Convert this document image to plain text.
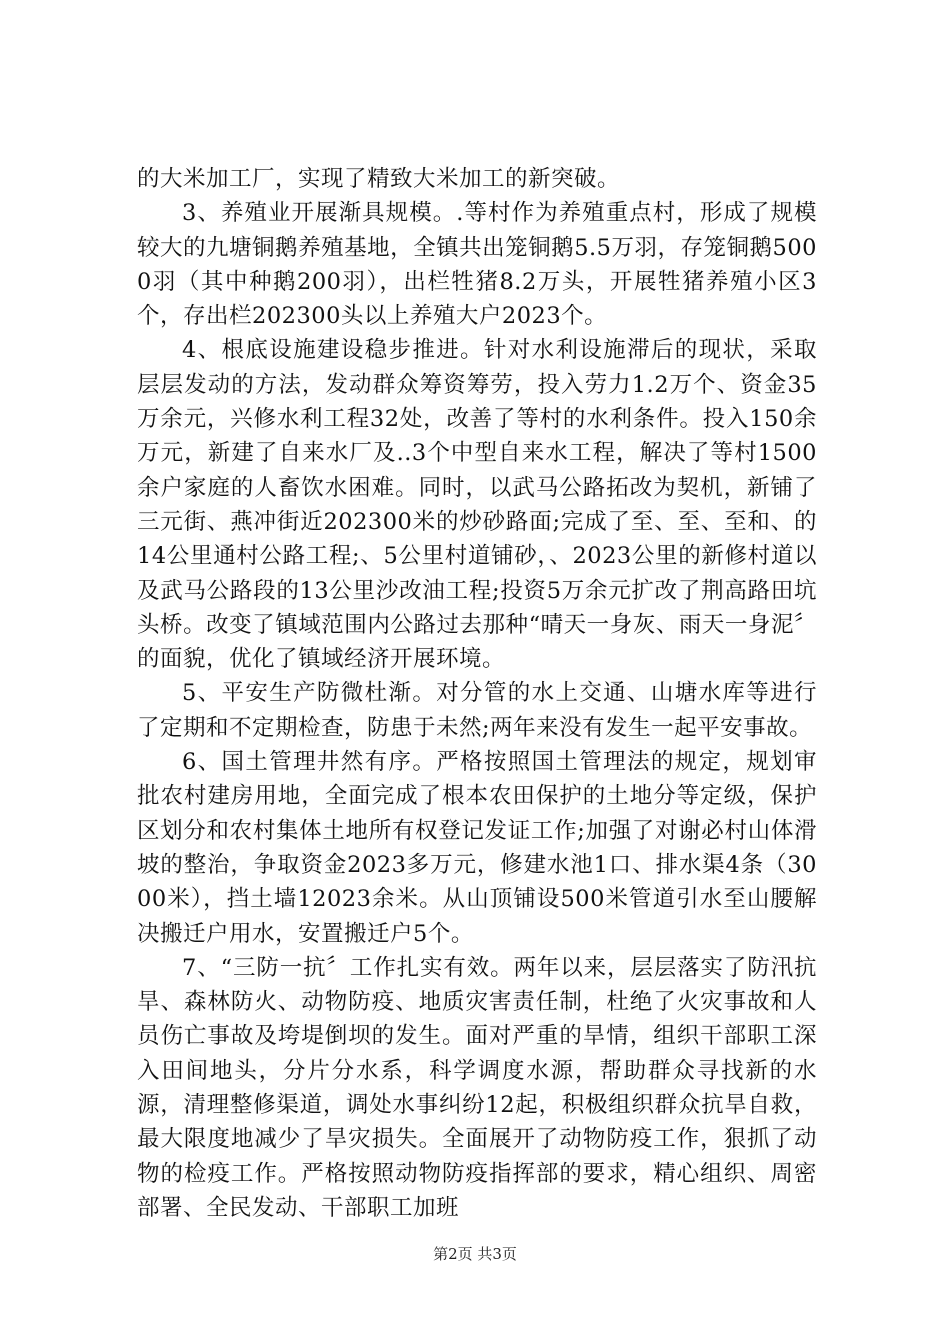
的大米加工厂，实现了精致大米加工的新突破。

3、养殖业开展渐具规模。.等村作为养殖重点村，形成了规模较大的九塘铜鹅养殖基地，全镇共出笼铜鹅5.5万羽，存笼铜鹅5000羽（其中种鹅200羽），出栏牲猪8.2万头，开展牲猪养殖小区3个，存出栏202300头以上养殖大户2023个。

4、根底设施建设稳步推进。针对水利设施滞后的现状，采取层层发动的方法，发动群众筹资筹劳，投入劳力1.2万个、资金35万余元，兴修水利工程32处，改善了等村的水利条件。投入150余万元，新建了自来水厂及..3个中型自来水工程，解决了等村1500余户家庭的人畜饮水困难。同时，以武马公路拓改为契机，新铺了三元街、燕冲街近202300米的炒砂路面;完成了至、至、至和、的14公里通村公路工程;、5公里村道铺砂，、2023公里的新修村道以及武马公路段的13公里沙改油工程;投资5万余元扩改了荆高路田坑头桥。改变了镇域范围内公路过去那种“晴天一身灰、雨天一身泥〞的面貌，优化了镇域经济开展环境。

5、平安生产防微杜渐。对分管的水上交通、山塘水库等进行了定期和不定期检查，防患于未然;两年来没有发生一起平安事故。

6、国土管理井然有序。严格按照国土管理法的规定，规划审批农村建房用地，全面完成了根本农田保护的土地分等定级，保护区划分和农村集体土地所有权登记发证工作;加强了对谢必村山体滑坡的整治，争取资金2023多万元，修建水池1口、排水渠4条（3000米），挡土墙12023余米。从山顶铺设500米管道引水至山腰解决搬迁户用水，安置搬迁户5个。

7、“三防一抗〞工作扎实有效。两年以来，层层落实了防汛抗旱、森林防火、动物防疫、地质灾害责任制，杜绝了火灾事故和人员伤亡事故及垮堤倒坝的发生。面对严重的旱情，组织干部职工深入田间地头，分片分水系，科学调度水源，帮助群众寻找新的水源，清理整修渠道，调处水事纠纷12起，积极组织群众抗旱自救，最大限度地减少了旱灾损失。全面展开了动物防疫工作，狠抓了动物的检疫工作。严格按照动物防疫指挥部的要求，精心组织、周密部署、全民发动、干部职工加班

第2页 共3页
